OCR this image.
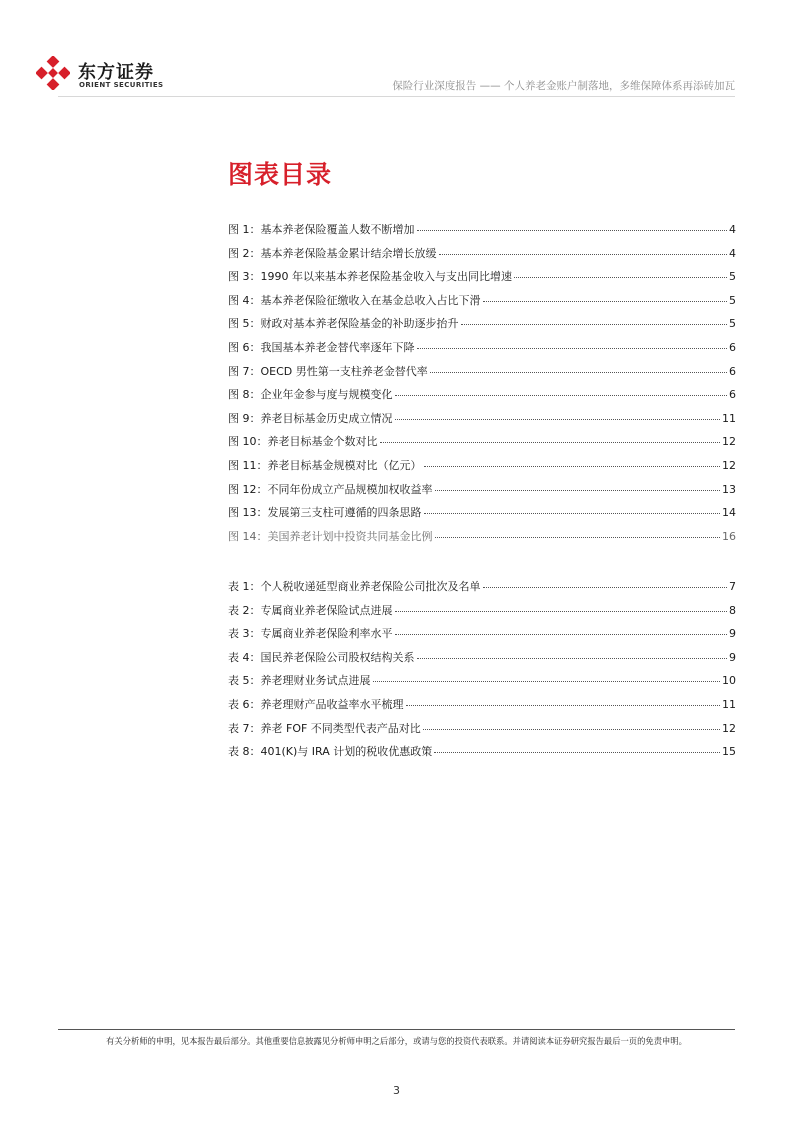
东方证券
ORIENT SECURITIES	保险行业深度报告 —— 个人养老金账户制落地，多维保障体系再添砖加瓦
图表目录
图 1：基本养老保险覆盖人数不断增加	4
图 2：基本养老保险基金累计结余增长放缓	4
图 3：1990 年以来基本养老保险基金收入与支出同比增速	5
图 4：基本养老保险征缴收入在基金总收入占比下滑	5
图 5：财政对基本养老保险基金的补助逐步抬升	5
图 6：我国基本养老金替代率逐年下降	6
图 7：OECD 男性第一支柱养老金替代率	6
图 8：企业年金参与度与规模变化	6
图 9：养老目标基金历史成立情况	11
图 10：养老目标基金个数对比	12
图 11：养老目标基金规模对比（亿元）	12
图 12：不同年份成立产品规模加权收益率	13
图 13：发展第三支柱可遵循的四条思路	14
图 14：美国养老计划中投资共同基金比例	16
表 1：个人税收递延型商业养老保险公司批次及名单	7
表 2：专属商业养老保险试点进展	8
表 3：专属商业养老保险利率水平	9
表 4：国民养老保险公司股权结构关系	9
表 5：养老理财业务试点进展	10
表 6：养老理财产品收益率水平梳理	11
表 7：养老 FOF 不同类型代表产品对比	12
表 8：401(K)与 IRA 计划的税收优惠政策	15
有关分析师的申明，见本报告最后部分。其他重要信息披露见分析师申明之后部分，或请与您的投资代表联系。并请阅读本证券研究报告最后一页的免责申明。
3
